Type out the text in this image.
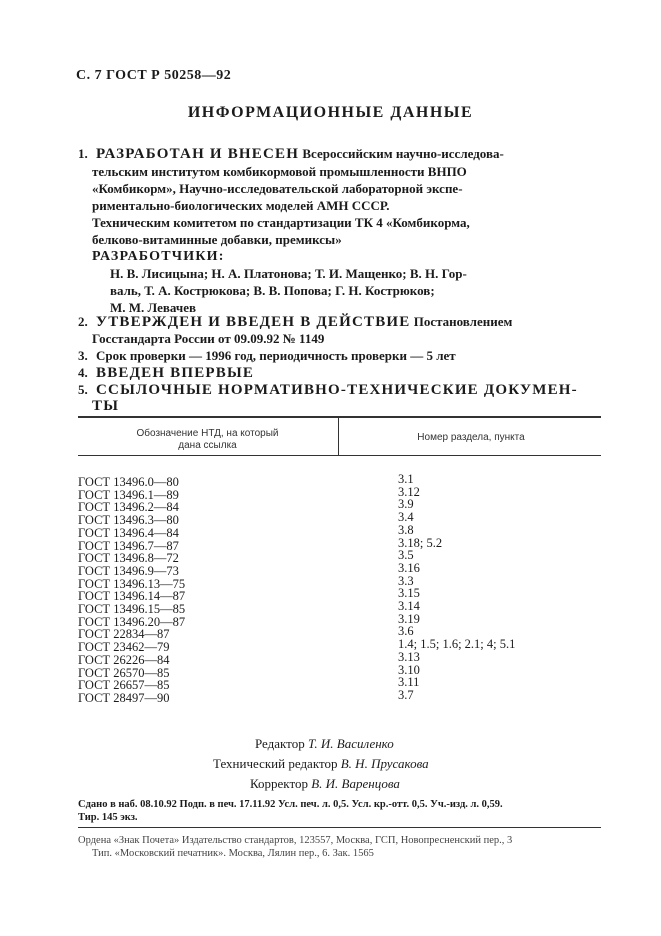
С. 7 ГОСТ Р 50258—92
ИНФОРМАЦИОННЫЕ ДАННЫЕ
1. РАЗРАБОТАН И ВНЕСЕН Всероссийским научно-исследова-
тельским институтом комбикормовой промышленности ВНПО
«Комбикорм», Научно-исследовательской лабораторной экспе-
риментально-биологических моделей АМН СССР.
Техническим комитетом по стандартизации ТК 4 «Комбикорма,
белково-витаминные добавки, премиксы»
РАЗРАБОТЧИКИ:
Н. В. Лисицына; Н. А. Платонова; Т. И. Мащенко; В. Н. Гор-
валь, Т. А. Кострюкова; В. В. Попова; Г. Н. Кострюков;
М. М. Левачев
2. УТВЕРЖДЕН И ВВЕДЕН В ДЕЙСТВИЕ Постановлением
Госстандарта России от 09.09.92 № 1149
3. Срок проверки — 1996 год, периодичность проверки — 5 лет
4. ВВЕДЕН ВПЕРВЫЕ
5. ССЫЛОЧНЫЕ НОРМАТИВНО-ТЕХНИЧЕСКИЕ ДОКУМЕН-
ТЫ
Обозначение НТД, на который
дана ссылка
Номер раздела, пункта
ГОСТ 13496.0—80	3.1
ГОСТ 13496.1—89	3.12
ГОСТ 13496.2—84	3.9
ГОСТ 13496.3—80	3.4
ГОСТ 13496.4—84	3.8
ГОСТ 13496.7—87	3.18; 5.2
ГОСТ 13496.8—72	3.5
ГОСТ 13496.9—73	3.16
ГОСТ 13496.13—75	3.3
ГОСТ 13496.14—87	3.15
ГОСТ 13496.15—85	3.14
ГОСТ 13496.20—87	3.19
ГОСТ 22834—87	3.6
ГОСТ 23462—79	1.4; 1.5; 1.6; 2.1; 4; 5.1
ГОСТ 26226—84	3.13
ГОСТ 26570—85	3.10
ГОСТ 26657—85	3.11
ГОСТ 28497—90	3.7
Редактор Т. И. Василенко
Технический редактор В. Н. Прусакова
Корректор В. И. Варенцова
Сдано в наб. 08.10.92 Подп. в печ. 17.11.92 Усл. печ. л. 0,5. Усл. кр.-отт. 0,5. Уч.-изд. л. 0,59.
Тир. 145 экз.
Ордена «Знак Почета» Издательство стандартов, 123557, Москва, ГСП, Новопресненский пер., 3
Тип. «Московский печатник». Москва, Лялин пер., 6. Зак. 1565
